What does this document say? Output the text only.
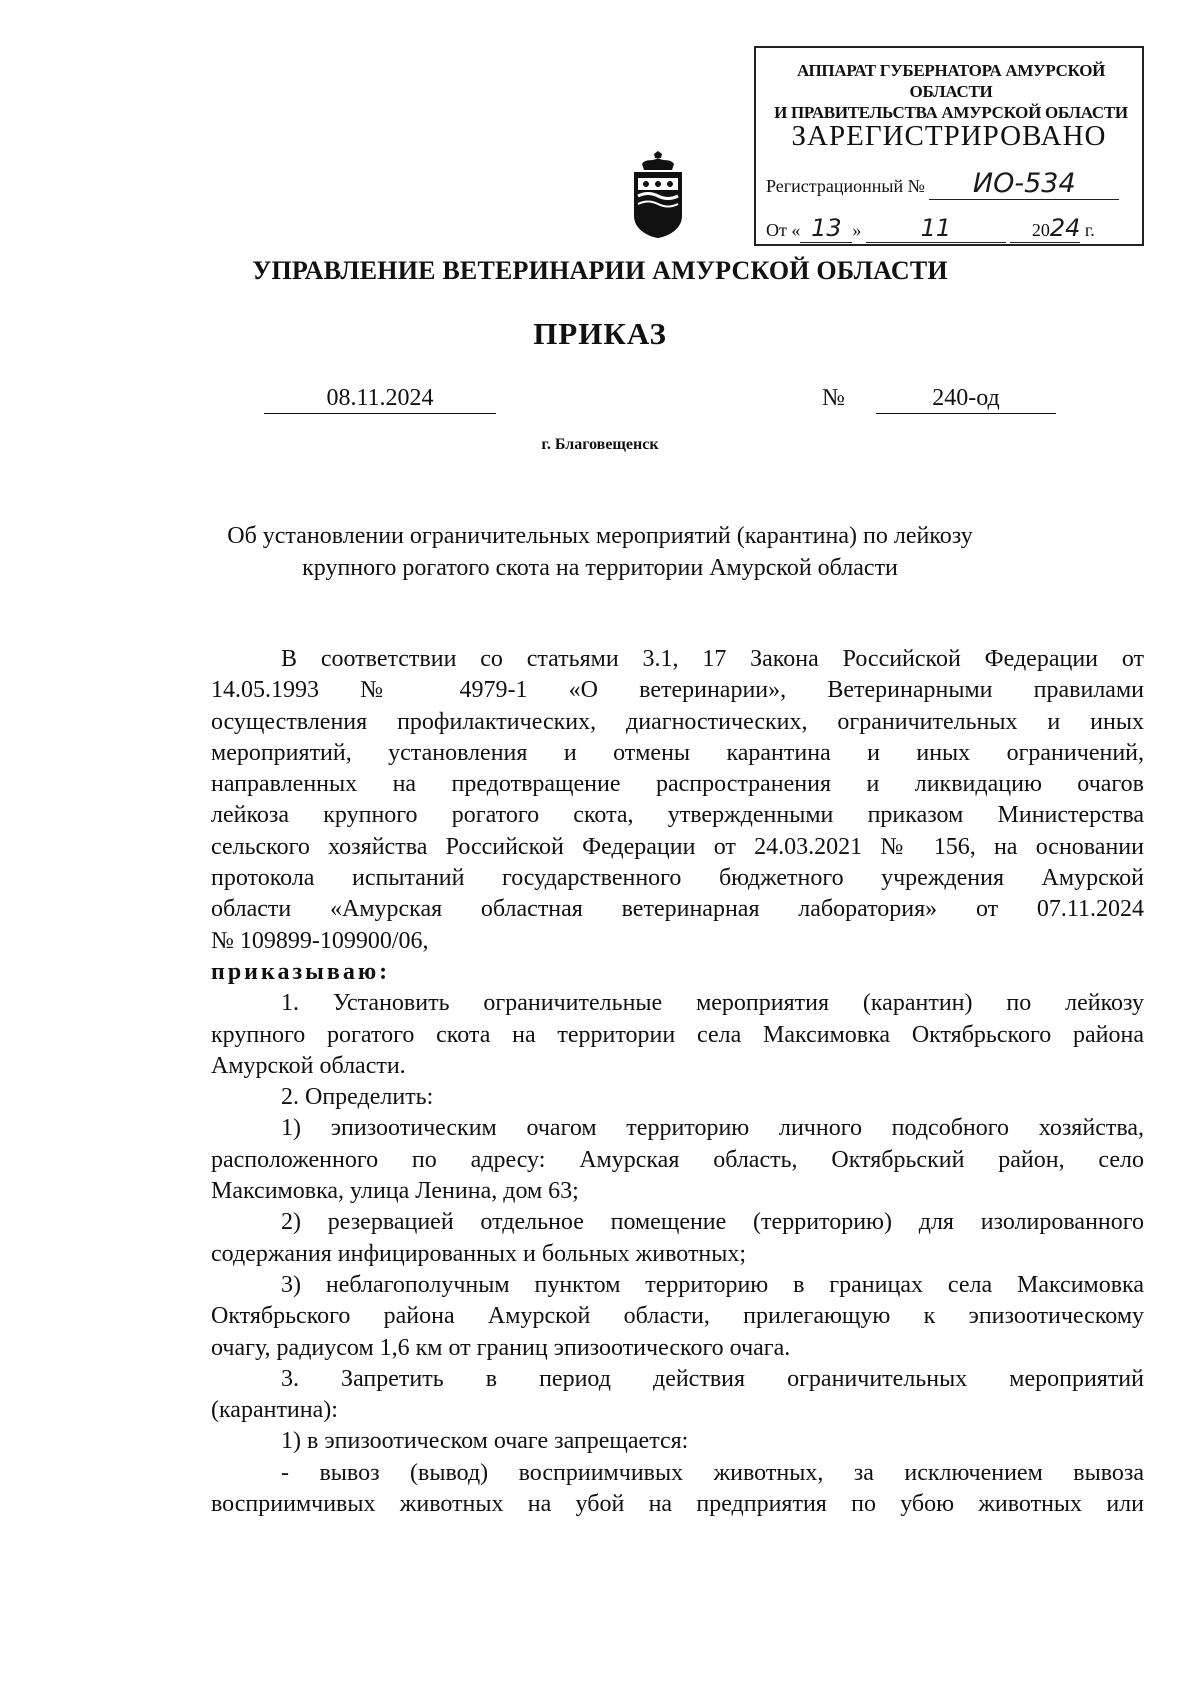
АППАРАТ ГУБЕРНАТОРА АМУРСКОЙ ОБЛАСТИ
И ПРАВИТЕЛЬСТВА АМУРСКОЙ ОБЛАСТИ
ЗАРЕГИСТРИРОВАНО
Регистрационный № ИО-534
От « 13 » 11	2024 г.
УПРАВЛЕНИЕ ВЕТЕРИНАРИИ АМУРСКОЙ ОБЛАСТИ
ПРИКАЗ
08.11.2024	№	240-од
г. Благовещенск
Об установлении ограничительных мероприятий (карантина) по лейкозу
крупного рогатого скота на территории Амурской области

В соответствии со статьями 3.1, 17 Закона Российской Федерации от

14.05.1993 № 4979-1 «О ветеринарии», Ветеринарными правилами

осуществления профилактических, диагностических, ограничительных и иных

мероприятий, установления и отмены карантина и иных ограничений,

направленных на предотвращение распространения и ликвидацию очагов

лейкоза крупного рогатого скота, утвержденными приказом Министерства

сельского хозяйства Российской Федерации от 24.03.2021 № 156, на основании

протокола испытаний государственного бюджетного учреждения Амурской

области «Амурская областная ветеринарная лаборатория» от 07.11.2024

№ 109899-109900/06,

приказываю:

1. Установить ограничительные мероприятия (карантин) по лейкозу

крупного рогатого скота на территории села Максимовка Октябрьского района

Амурской области.

2. Определить:

1) эпизоотическим очагом территорию личного подсобного хозяйства,

расположенного по адресу: Амурская область, Октябрьский район, село

Максимовка, улица Ленина, дом 63;

2) резервацией отдельное помещение (территорию) для изолированного

содержания инфицированных и больных животных;

3) неблагополучным пунктом территорию в границах села Максимовка

Октябрьского района Амурской области, прилегающую к эпизоотическому

очагу, радиусом 1,6 км от границ эпизоотического очага.

3. Запретить в период действия ограничительных мероприятий

(карантина):

1) в эпизоотическом очаге запрещается:

- вывоз (вывод) восприимчивых животных, за исключением вывоза

восприимчивых животных на убой на предприятия по убою животных или
